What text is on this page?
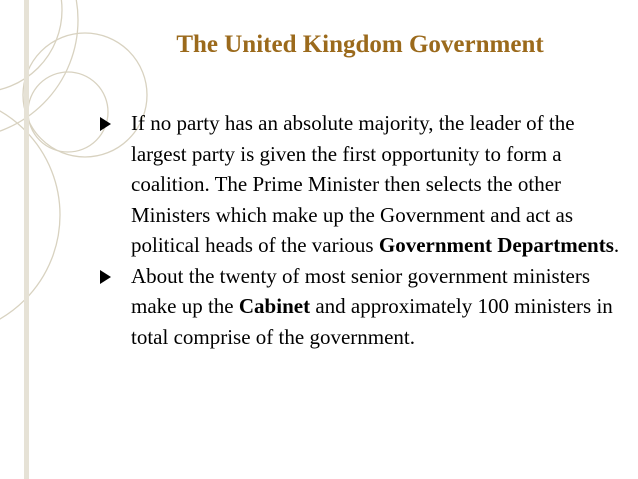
The United Kingdom Government

If no party has an absolute majority, the leader of the largest party is given the first opportunity to form a coalition. The Prime Minister then selects the other Ministers which make up the Government and act as political heads of the various Government Departments.

About the twenty of most senior government ministers make up the Cabinet and approximately 100 ministers in total comprise of the government.
